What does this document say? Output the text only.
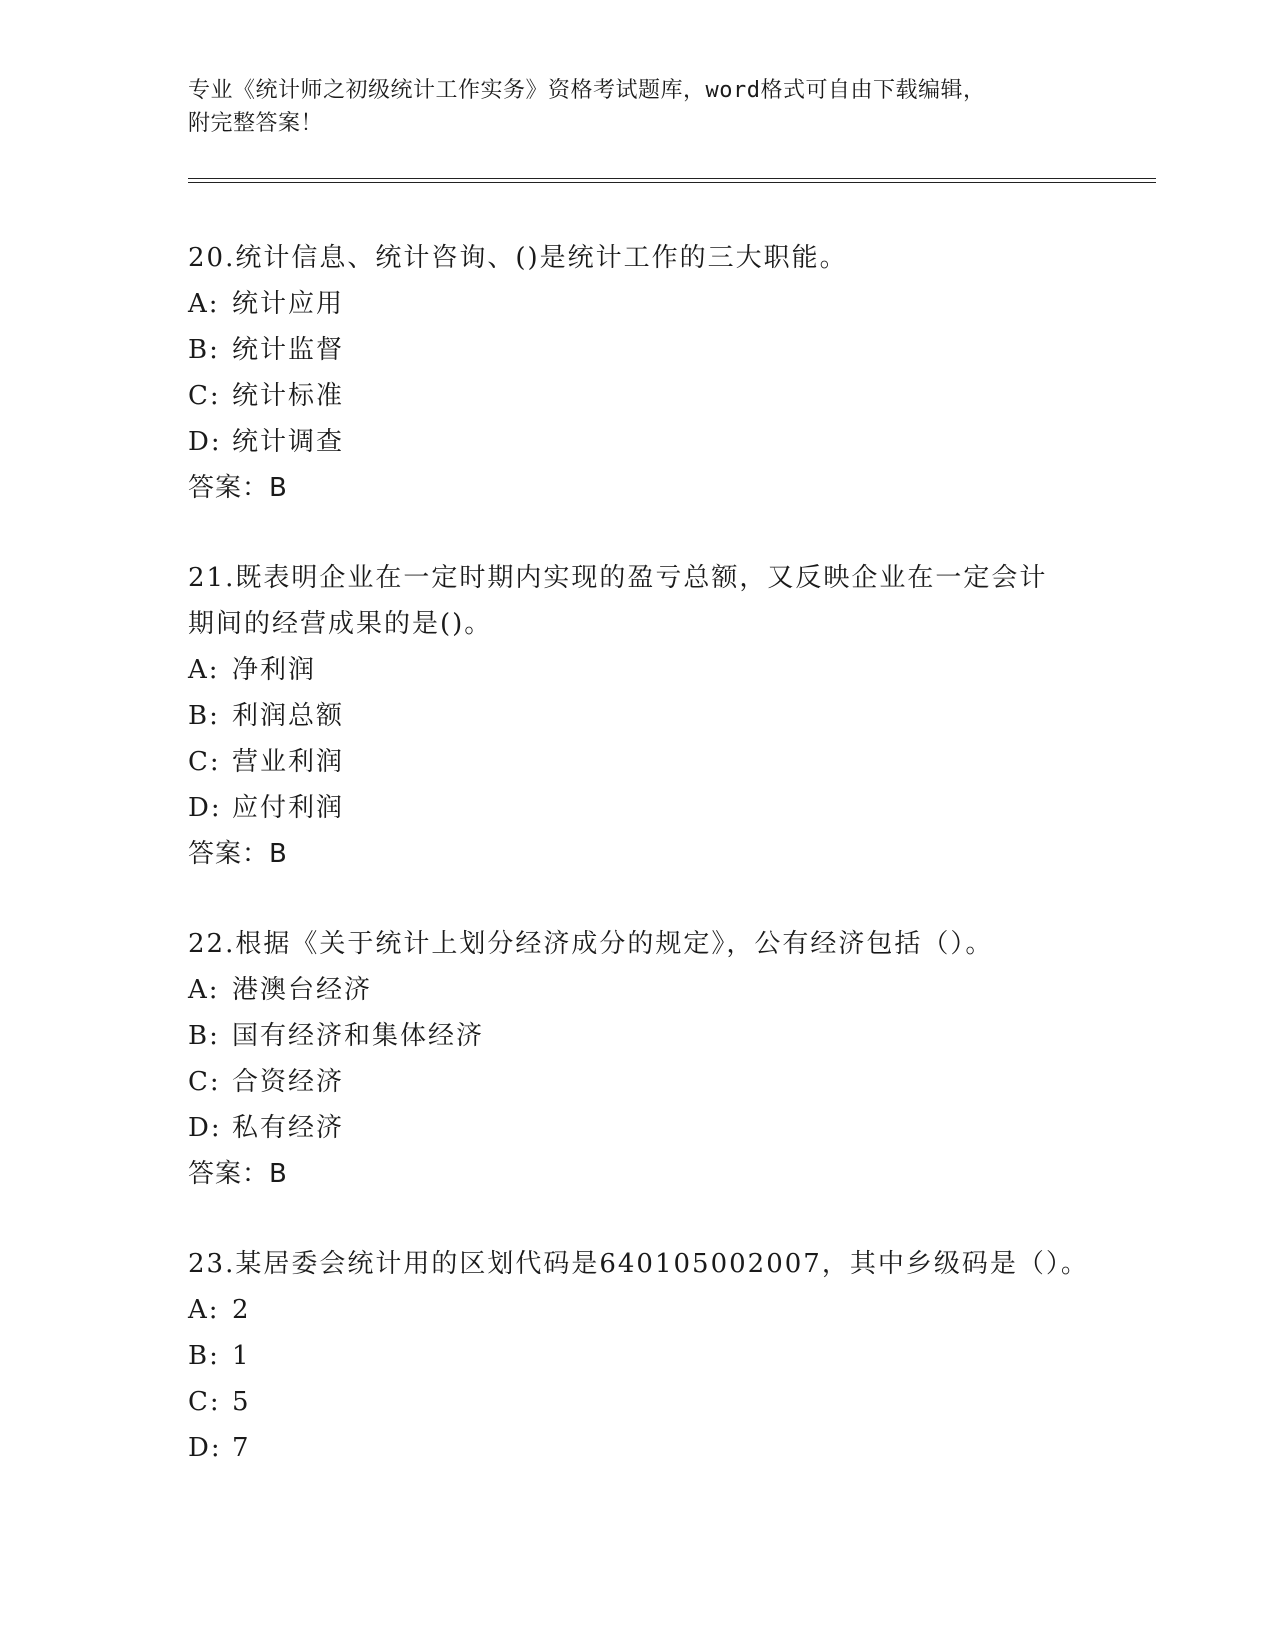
专业《统计师之初级统计工作实务》资格考试题库，word格式可自由下载编辑，
附完整答案！
20.统计信息、统计咨询、()是统计工作的三大职能。
A: 统计应用
B: 统计监督
C: 统计标准
D: 统计调查
答案：B
21.既表明企业在一定时期内实现的盈亏总额，又反映企业在一定会计
期间的经营成果的是()。
A: 净利润
B: 利润总额
C: 营业利润
D: 应付利润
答案：B
22.根据《关于统计上划分经济成分的规定》，公有经济包括（）。
A: 港澳台经济
B: 国有经济和集体经济
C: 合资经济
D: 私有经济
答案：B
23.某居委会统计用的区划代码是640105002007，其中乡级码是（）。
A: 2
B: 1
C: 5
D: 7
